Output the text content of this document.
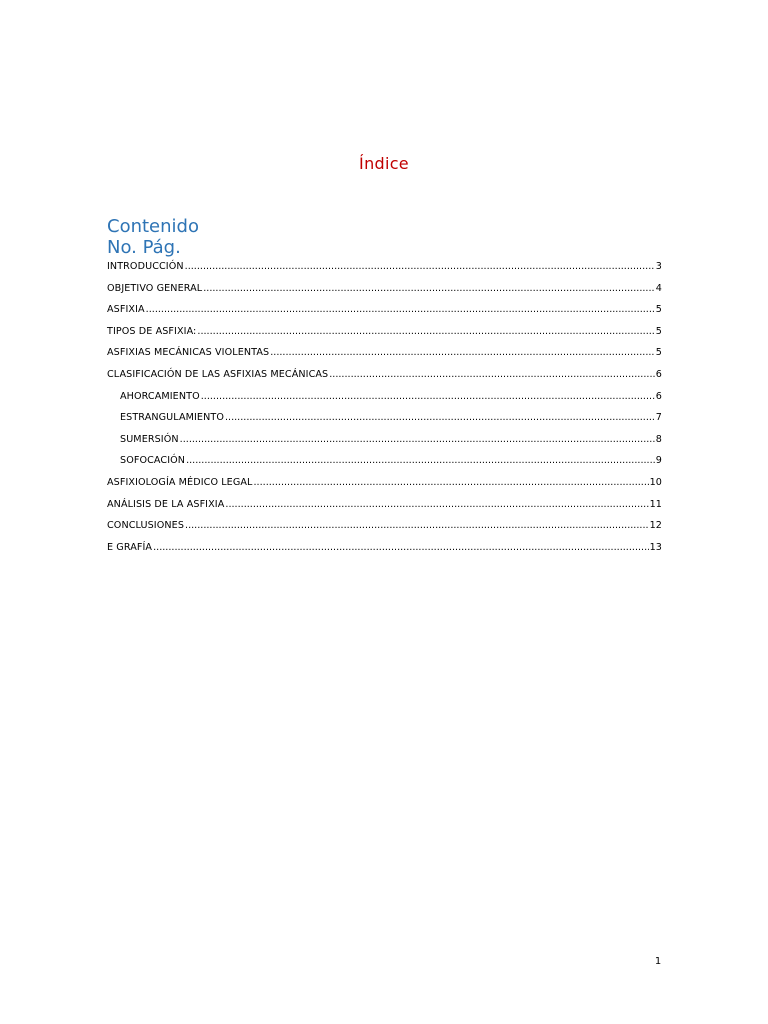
Índice
Contenido
No. Pág.
INTRODUCCIÓN .....	3
OBJETIVO GENERAL .....	4
ASFIXIA .....	5
TIPOS DE ASFIXIA: .....	5
ASFIXIAS MECÁNICAS VIOLENTAS .....	5
CLASIFICACIÓN DE LAS ASFIXIAS MECÁNICAS .....	6
AHORCAMIENTO .....	6
ESTRANGULAMIENTO .....	7
SUMERSIÓN .....	8
SOFOCACIÓN .....	9
ASFIXIOLOGÍA MÉDICO LEGAL .....	10
ANÁLISIS DE LA ASFIXIA .....	11
CONCLUSIONES .....	12
E GRAFÍA .....	13
1
